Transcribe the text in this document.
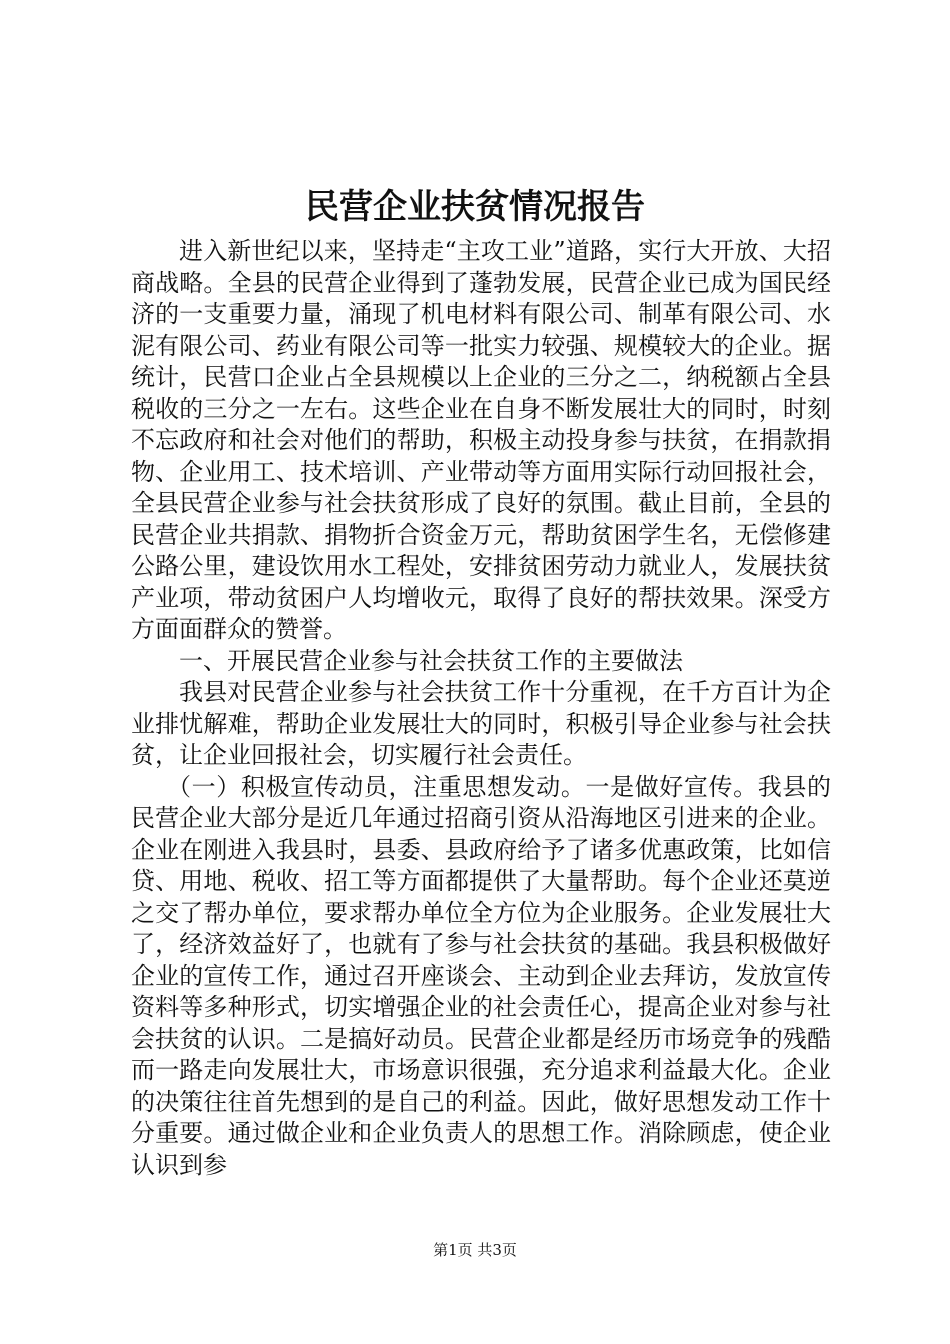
民营企业扶贫情况报告

进入新世纪以来，坚持走“主攻工业”道路，实行大开放、大招商战略。全县的民营企业得到了蓬勃发展，民营企业已成为国民经济的一支重要力量，涌现了机电材料有限公司、制革有限公司、水泥有限公司、药业有限公司等一批实力较强、规模较大的企业。据统计，民营口企业占全县规模以上企业的三分之二，纳税额占全县税收的三分之一左右。这些企业在自身不断发展壮大的同时，时刻不忘政府和社会对他们的帮助，积极主动投身参与扶贫，在捐款捐物、企业用工、技术培训、产业带动等方面用实际行动回报社会，全县民营企业参与社会扶贫形成了良好的氛围。截止目前，全县的民营企业共捐款、捐物折合资金万元，帮助贫困学生名，无偿修建公路公里，建设饮用水工程处，安排贫困劳动力就业人，发展扶贫产业项，带动贫困户人均增收元，取得了良好的帮扶效果。深受方方面面群众的赞誉。

一、开展民营企业参与社会扶贫工作的主要做法

我县对民营企业参与社会扶贫工作十分重视，在千方百计为企业排忧解难，帮助企业发展壮大的同时，积极引导企业参与社会扶贫，让企业回报社会，切实履行社会责任。

（一）积极宣传动员，注重思想发动。一是做好宣传。我县的民营企业大部分是近几年通过招商引资从沿海地区引进来的企业。企业在刚进入我县时，县委、县政府给予了诸多优惠政策，比如信贷、用地、税收、招工等方面都提供了大量帮助。每个企业还莫逆之交了帮办单位，要求帮办单位全方位为企业服务。企业发展壮大了，经济效益好了，也就有了参与社会扶贫的基础。我县积极做好企业的宣传工作，通过召开座谈会、主动到企业去拜访，发放宣传资料等多种形式，切实增强企业的社会责任心，提高企业对参与社会扶贫的认识。二是搞好动员。民营企业都是经历市场竞争的残酷而一路走向发展壮大，市场意识很强，充分追求利益最大化。企业的决策往往首先想到的是自己的利益。因此，做好思想发动工作十分重要。通过做企业和企业负责人的思想工作。消除顾虑，使企业认识到参

第1页 共3页
